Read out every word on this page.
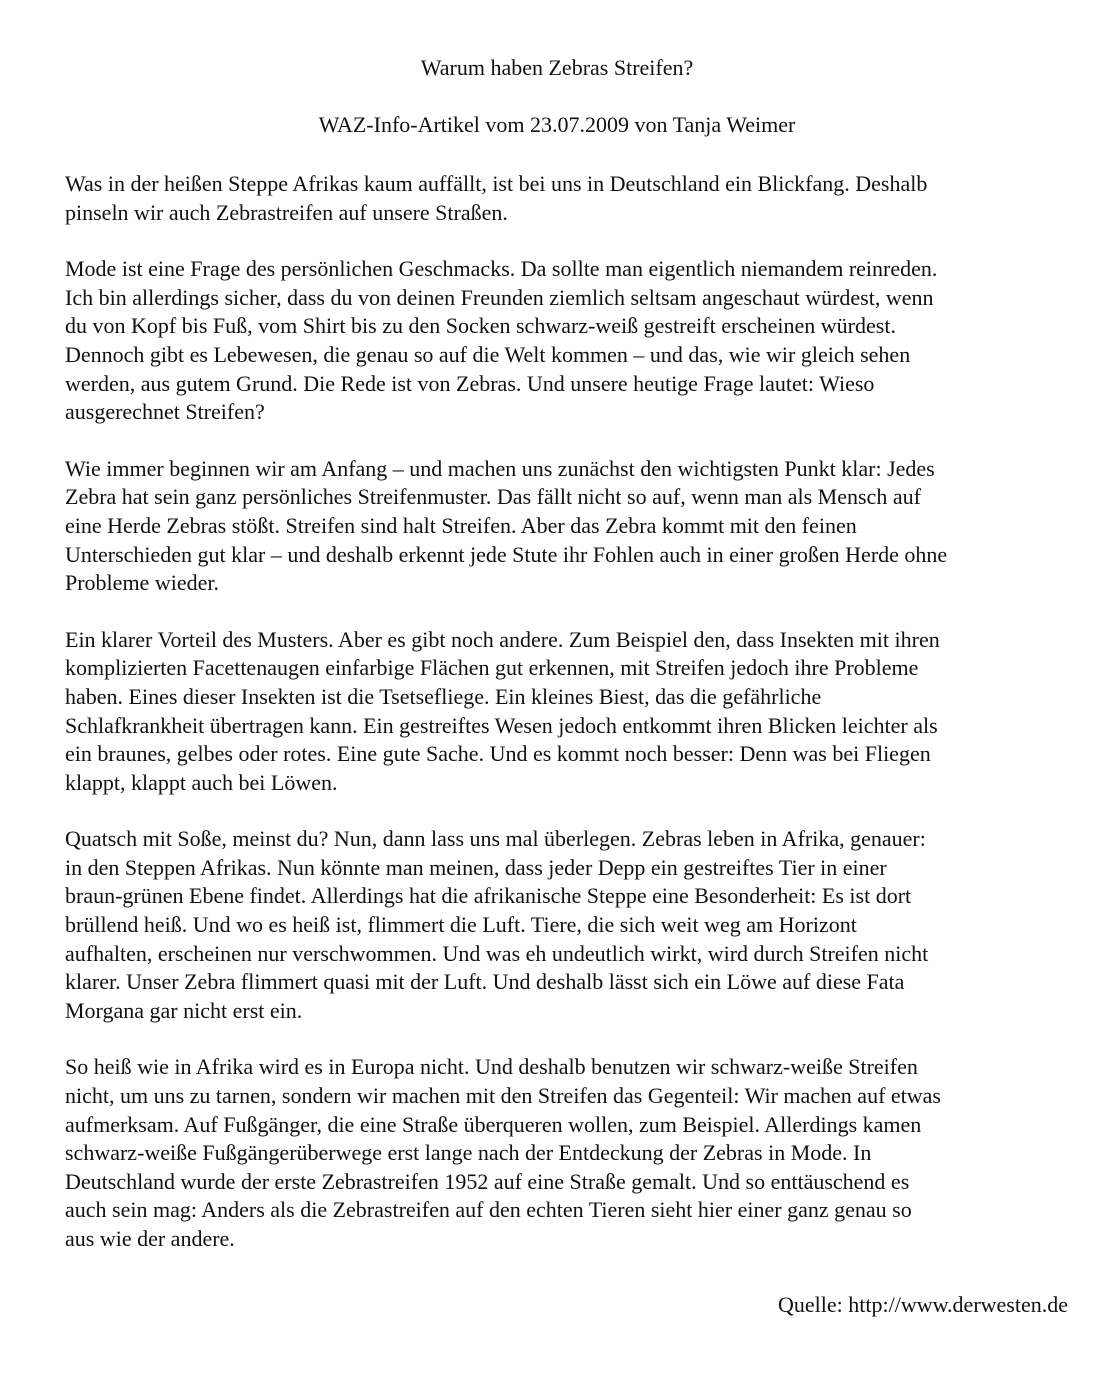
Warum haben Zebras Streifen?

WAZ-Info-Artikel vom 23.07.2009 von Tanja Weimer

Was in der heißen Steppe Afrikas kaum auffällt, ist bei uns in Deutschland ein Blickfang. Deshalb
pinseln wir auch Zebrastreifen auf unsere Straßen.

Mode ist eine Frage des persönlichen Geschmacks. Da sollte man eigentlich niemandem reinreden.
Ich bin allerdings sicher, dass du von deinen Freunden ziemlich seltsam angeschaut würdest, wenn
du von Kopf bis Fuß, vom Shirt bis zu den Socken schwarz-weiß gestreift erscheinen würdest.
Dennoch gibt es Lebewesen, die genau so auf die Welt kommen – und das, wie wir gleich sehen
werden, aus gutem Grund. Die Rede ist von Zebras. Und unsere heutige Frage lautet: Wieso
ausgerechnet Streifen?

Wie immer beginnen wir am Anfang – und machen uns zunächst den wichtigsten Punkt klar: Jedes
Zebra hat sein ganz persönliches Streifenmuster. Das fällt nicht so auf, wenn man als Mensch auf
eine Herde Zebras stößt. Streifen sind halt Streifen. Aber das Zebra kommt mit den feinen
Unterschieden gut klar – und deshalb erkennt jede Stute ihr Fohlen auch in einer großen Herde ohne
Probleme wieder.

Ein klarer Vorteil des Musters. Aber es gibt noch andere. Zum Beispiel den, dass Insekten mit ihren
komplizierten Facettenaugen einfarbige Flächen gut erkennen, mit Streifen jedoch ihre Probleme
haben. Eines dieser Insekten ist die Tsetsefliege. Ein kleines Biest, das die gefährliche
Schlafkrankheit übertragen kann. Ein gestreiftes Wesen jedoch entkommt ihren Blicken leichter als
ein braunes, gelbes oder rotes. Eine gute Sache. Und es kommt noch besser: Denn was bei Fliegen
klappt, klappt auch bei Löwen.

Quatsch mit Soße, meinst du? Nun, dann lass uns mal überlegen. Zebras leben in Afrika, genauer:
in den Steppen Afrikas. Nun könnte man meinen, dass jeder Depp ein gestreiftes Tier in einer
braun-grünen Ebene findet. Allerdings hat die afrikanische Steppe eine Besonderheit: Es ist dort
brüllend heiß. Und wo es heiß ist, flimmert die Luft. Tiere, die sich weit weg am Horizont
aufhalten, erscheinen nur verschwommen. Und was eh undeutlich wirkt, wird durch Streifen nicht
klarer. Unser Zebra flimmert quasi mit der Luft. Und deshalb lässt sich ein Löwe auf diese Fata
Morgana gar nicht erst ein.

So heiß wie in Afrika wird es in Europa nicht. Und deshalb benutzen wir schwarz-weiße Streifen
nicht, um uns zu tarnen, sondern wir machen mit den Streifen das Gegenteil: Wir machen auf etwas
aufmerksam. Auf Fußgänger, die eine Straße überqueren wollen, zum Beispiel. Allerdings kamen
schwarz-weiße Fußgängerüberwege erst lange nach der Entdeckung der Zebras in Mode. In
Deutschland wurde der erste Zebrastreifen 1952 auf eine Straße gemalt. Und so enttäuschend es
auch sein mag: Anders als die Zebrastreifen auf den echten Tieren sieht hier einer ganz genau so
aus wie der andere.

Quelle: http://www.derwesten.de
